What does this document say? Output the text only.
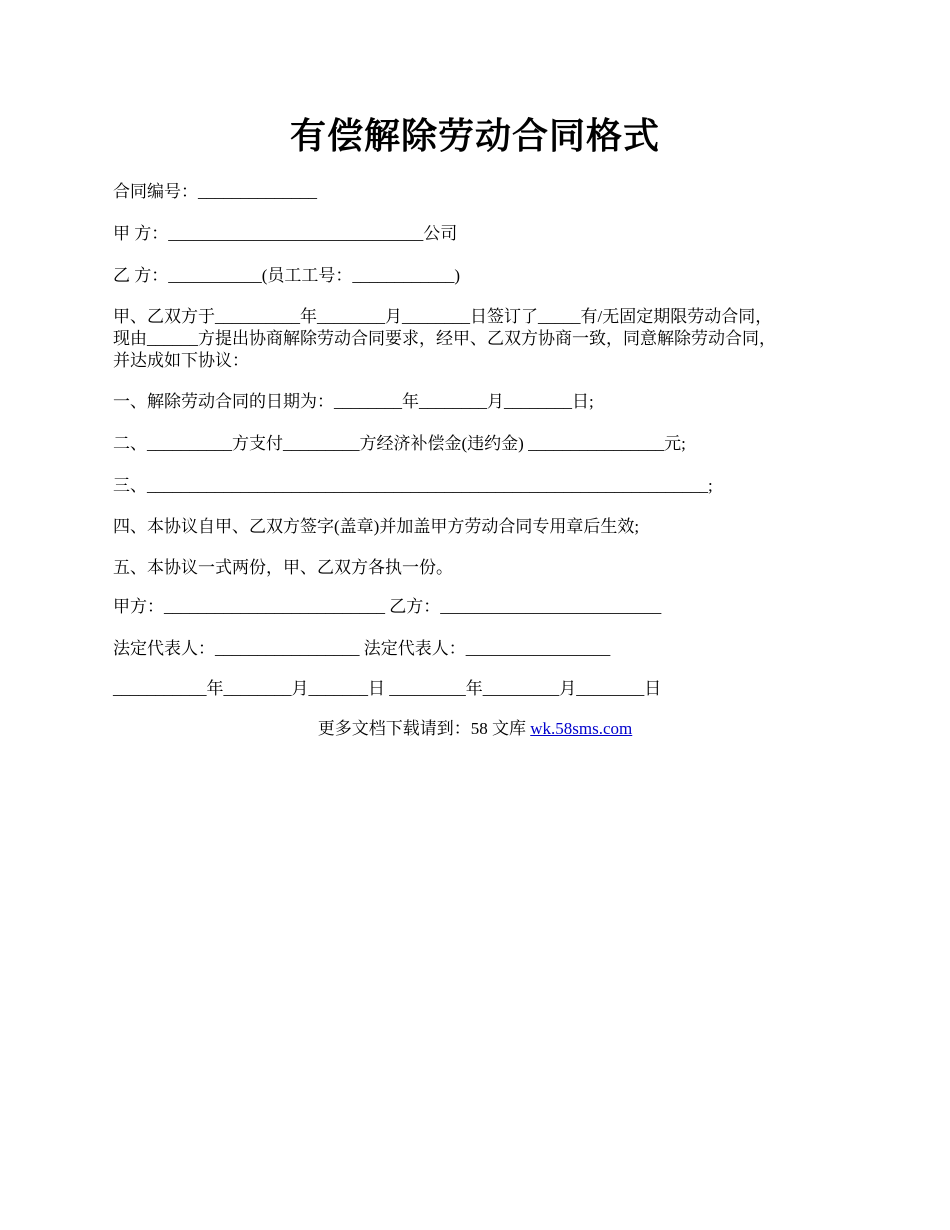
有偿解除劳动合同格式
合同编号：______________
甲 方：______________________________公司
乙 方：___________(员工工号：____________)
甲、乙双方于__________年________月________日签订了_____有/无固定期限劳动合同，
现由______方提出协商解除劳动合同要求，经甲、乙双方协商一致，同意解除劳动合同，
并达成如下协议：
一、解除劳动合同的日期为：________年________月________日;
二、__________方支付_________方经济补偿金(违约金) ________________元;
三、__________________________________________________________________;
四、本协议自甲、乙双方签字(盖章)并加盖甲方劳动合同专用章后生效;
五、本协议一式两份，甲、乙双方各执一份。
甲方：__________________________ 乙方：__________________________
法定代表人：_________________ 法定代表人：_________________
___________年________月_______日 _________年_________月________日
更多文档下载请到：58 文库 wk.58sms.com
